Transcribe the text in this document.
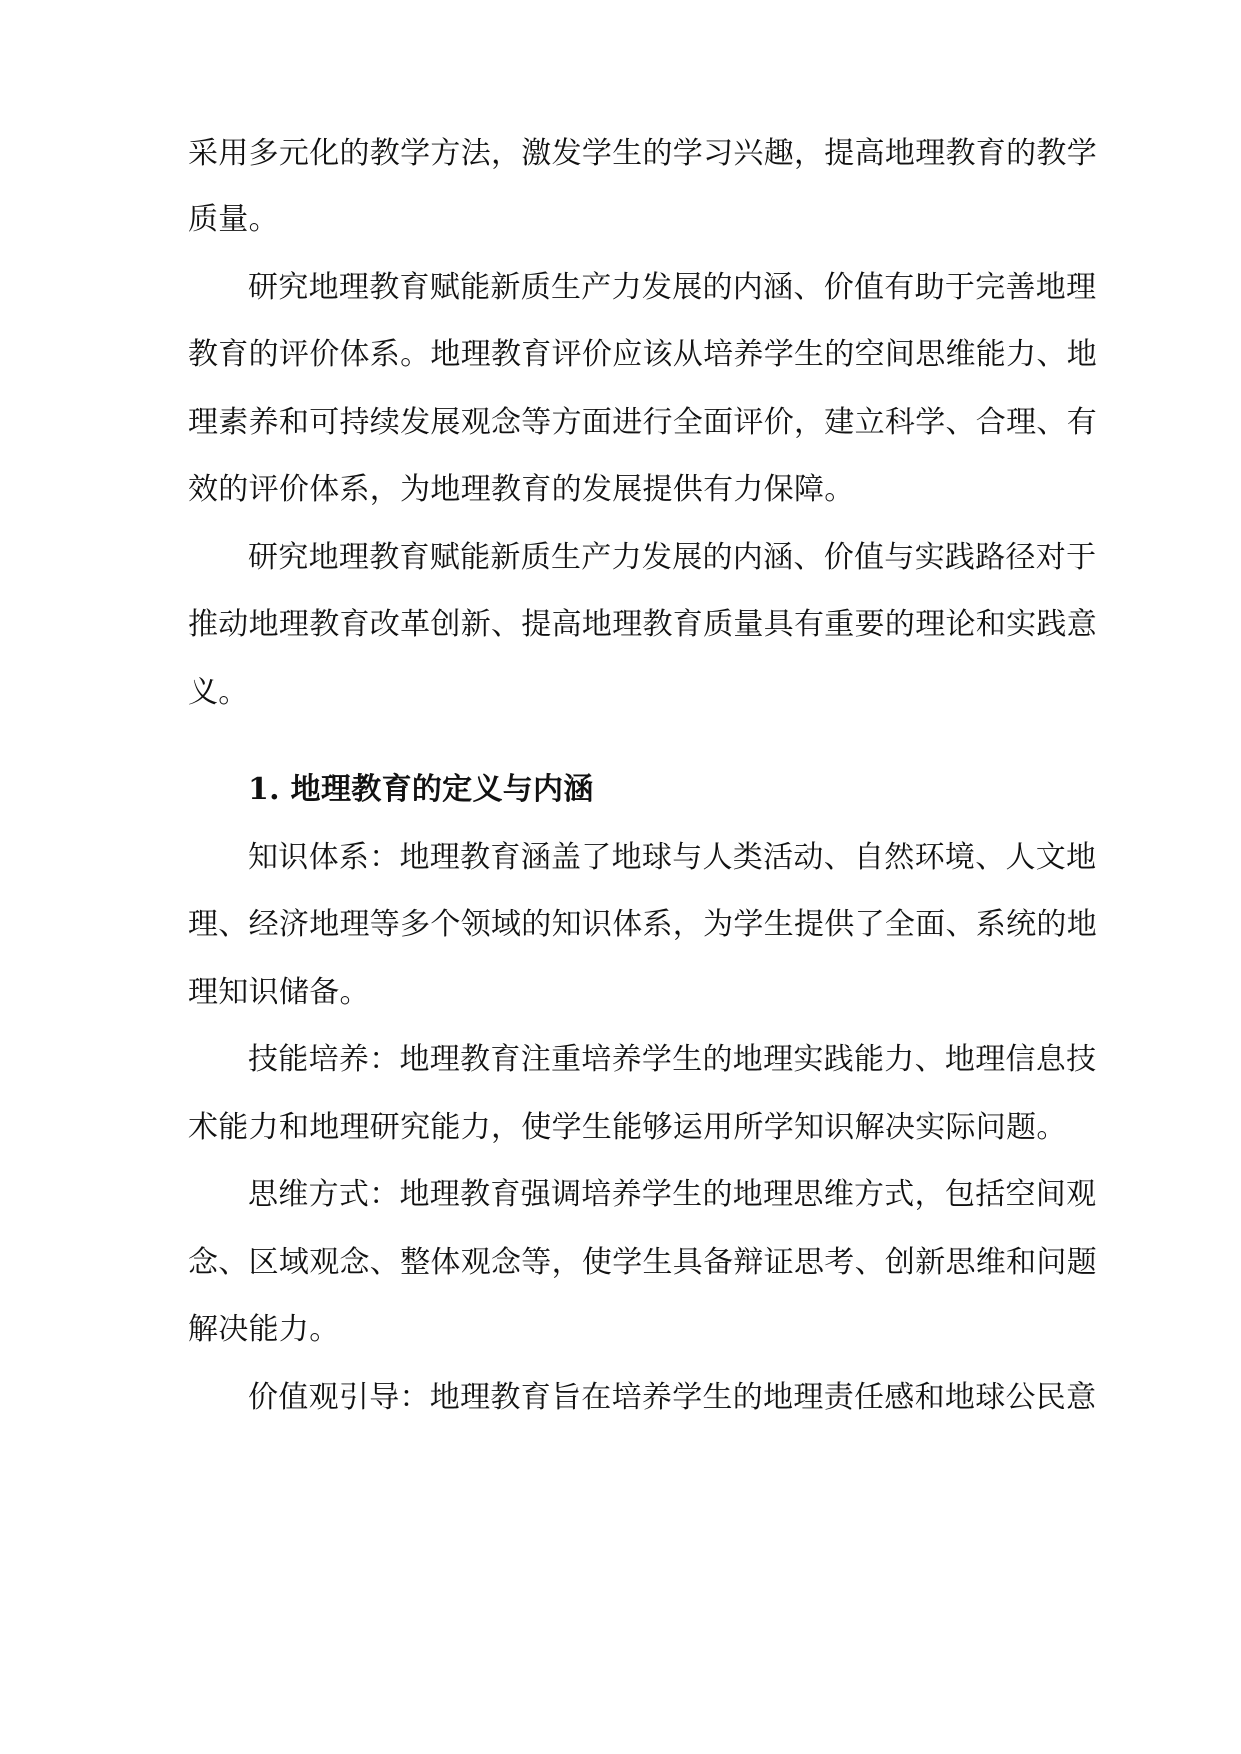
采用多元化的教学方法，激发学生的学习兴趣，提高地理教育的教学
质量。
研究地理教育赋能新质生产力发展的内涵、价值有助于完善地理
教育的评价体系。地理教育评价应该从培养学生的空间思维能力、地
理素养和可持续发展观念等方面进行全面评价，建立科学、合理、有
效的评价体系，为地理教育的发展提供有力保障。
研究地理教育赋能新质生产力发展的内涵、价值与实践路径对于
推动地理教育改革创新、提高地理教育质量具有重要的理论和实践意
义。
1. 地理教育的定义与内涵
知识体系：地理教育涵盖了地球与人类活动、自然环境、人文地
理、经济地理等多个领域的知识体系，为学生提供了全面、系统的地
理知识储备。
技能培养：地理教育注重培养学生的地理实践能力、地理信息技
术能力和地理研究能力，使学生能够运用所学知识解决实际问题。
思维方式：地理教育强调培养学生的地理思维方式，包括空间观
念、区域观念、整体观念等，使学生具备辩证思考、创新思维和问题
解决能力。
价值观引导：地理教育旨在培养学生的地理责任感和地球公民意
